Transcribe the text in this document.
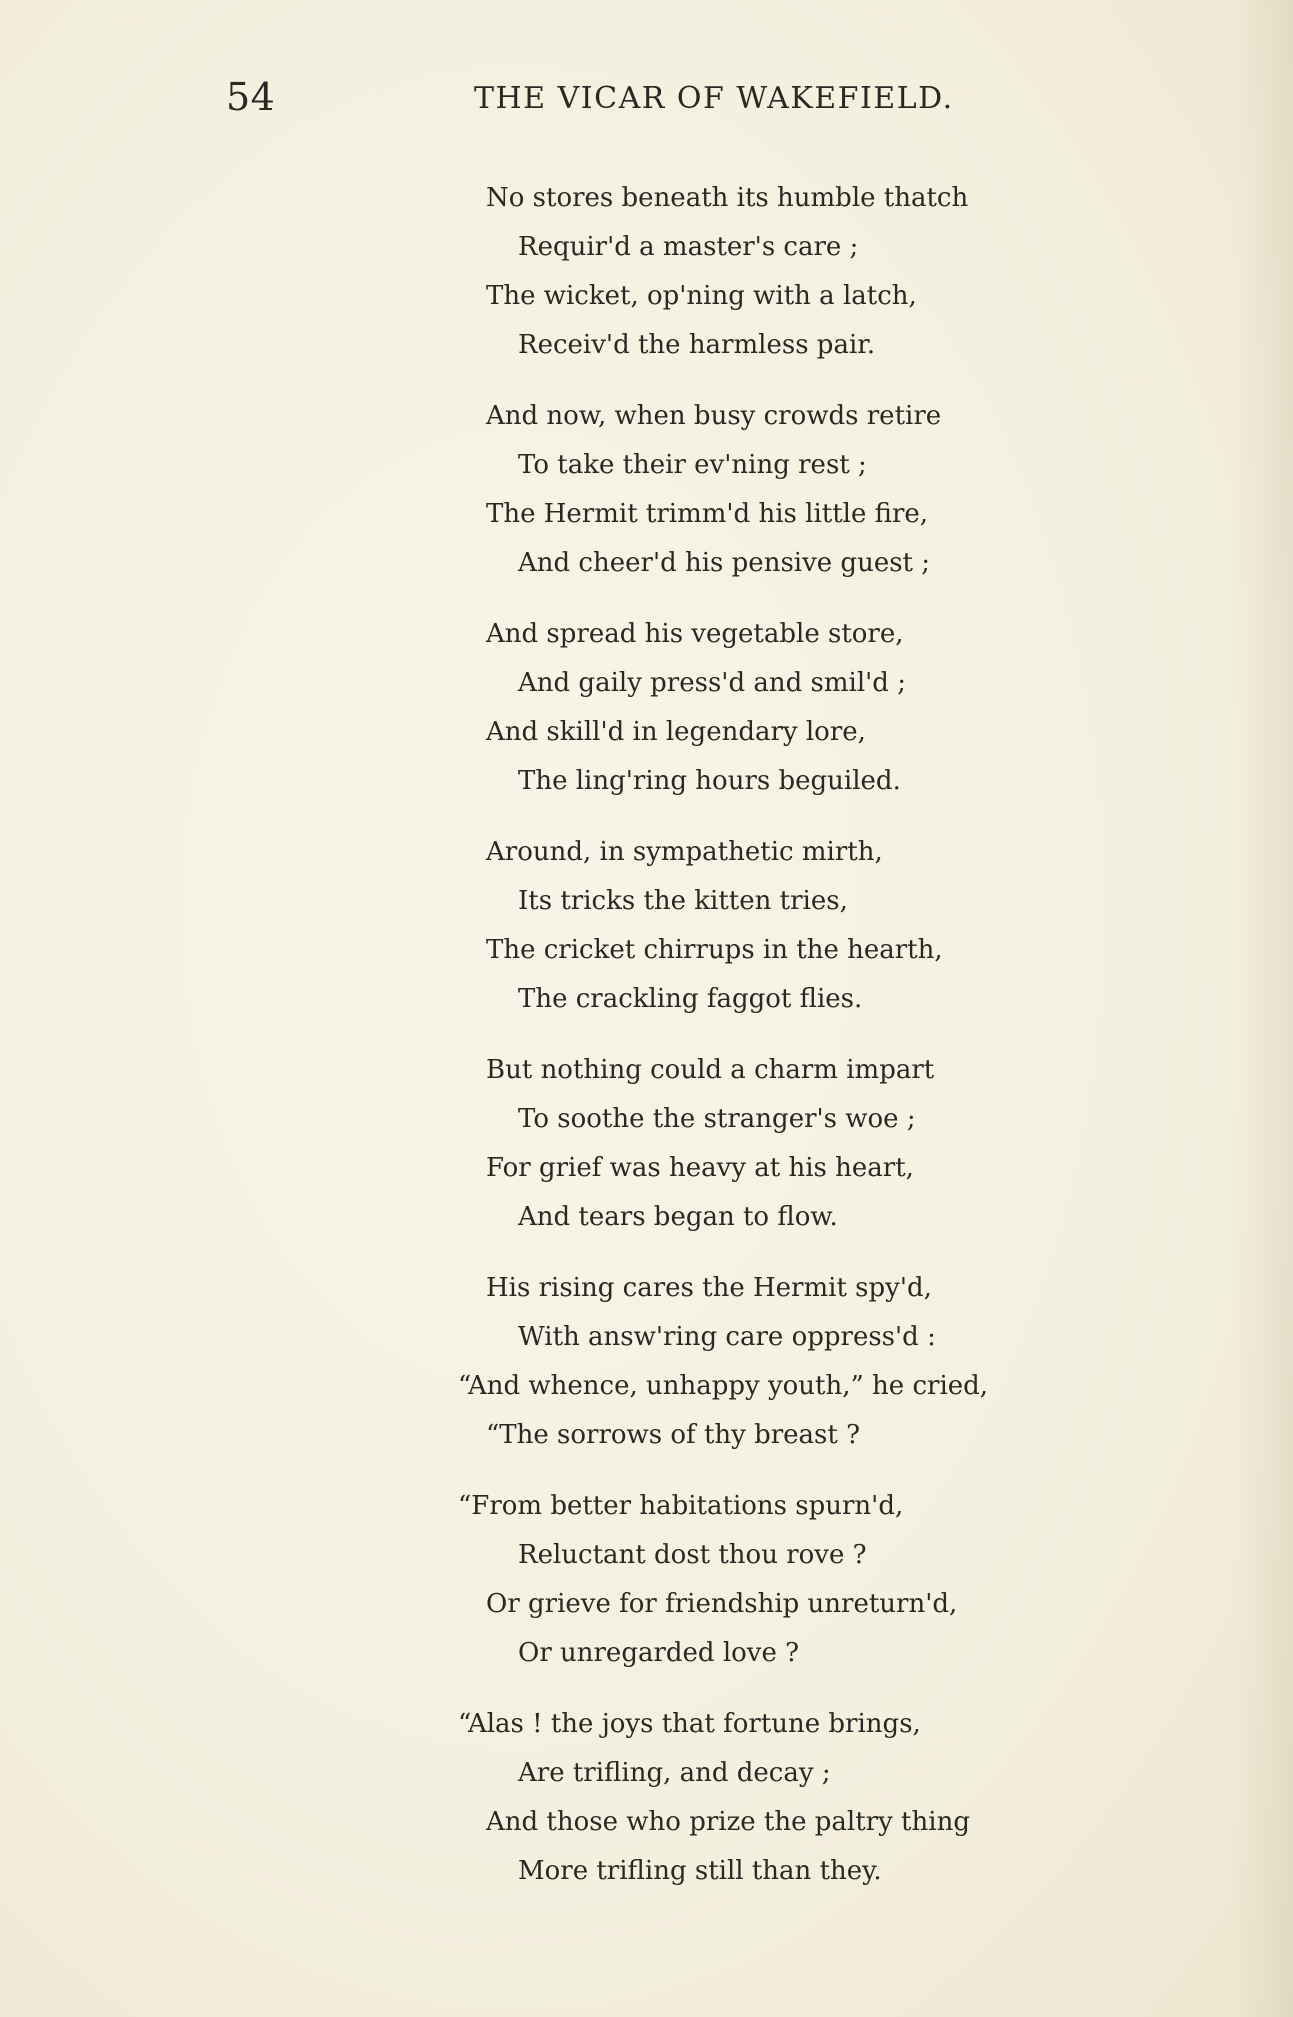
54	THE VICAR OF WAKEFIELD.
No stores beneath its humble thatch
Requir'd a master's care ;
The wicket, op'ning with a latch,
Receiv'd the harmless pair.
And now, when busy crowds retire
To take their ev'ning rest ;
The Hermit trimm'd his little fire,
And cheer'd his pensive guest ;
And spread his vegetable store,
And gaily press'd and smil'd ;
And skill'd in legendary lore,
The ling'ring hours beguiled.
Around, in sympathetic mirth,
Its tricks the kitten tries,
The cricket chirrups in the hearth,
The crackling faggot flies.
But nothing could a charm impart
To soothe the stranger's woe ;
For grief was heavy at his heart,
And tears began to flow.
His rising cares the Hermit spy'd,
With answ'ring care oppress'd :
“And whence, unhappy youth,” he cried,
“The sorrows of thy breast ?
“From better habitations spurn'd,
Reluctant dost thou rove ?
Or grieve for friendship unreturn'd,
Or unregarded love ?
“Alas ! the joys that fortune brings,
Are trifling, and decay ;
And those who prize the paltry thing
More trifling still than they.
